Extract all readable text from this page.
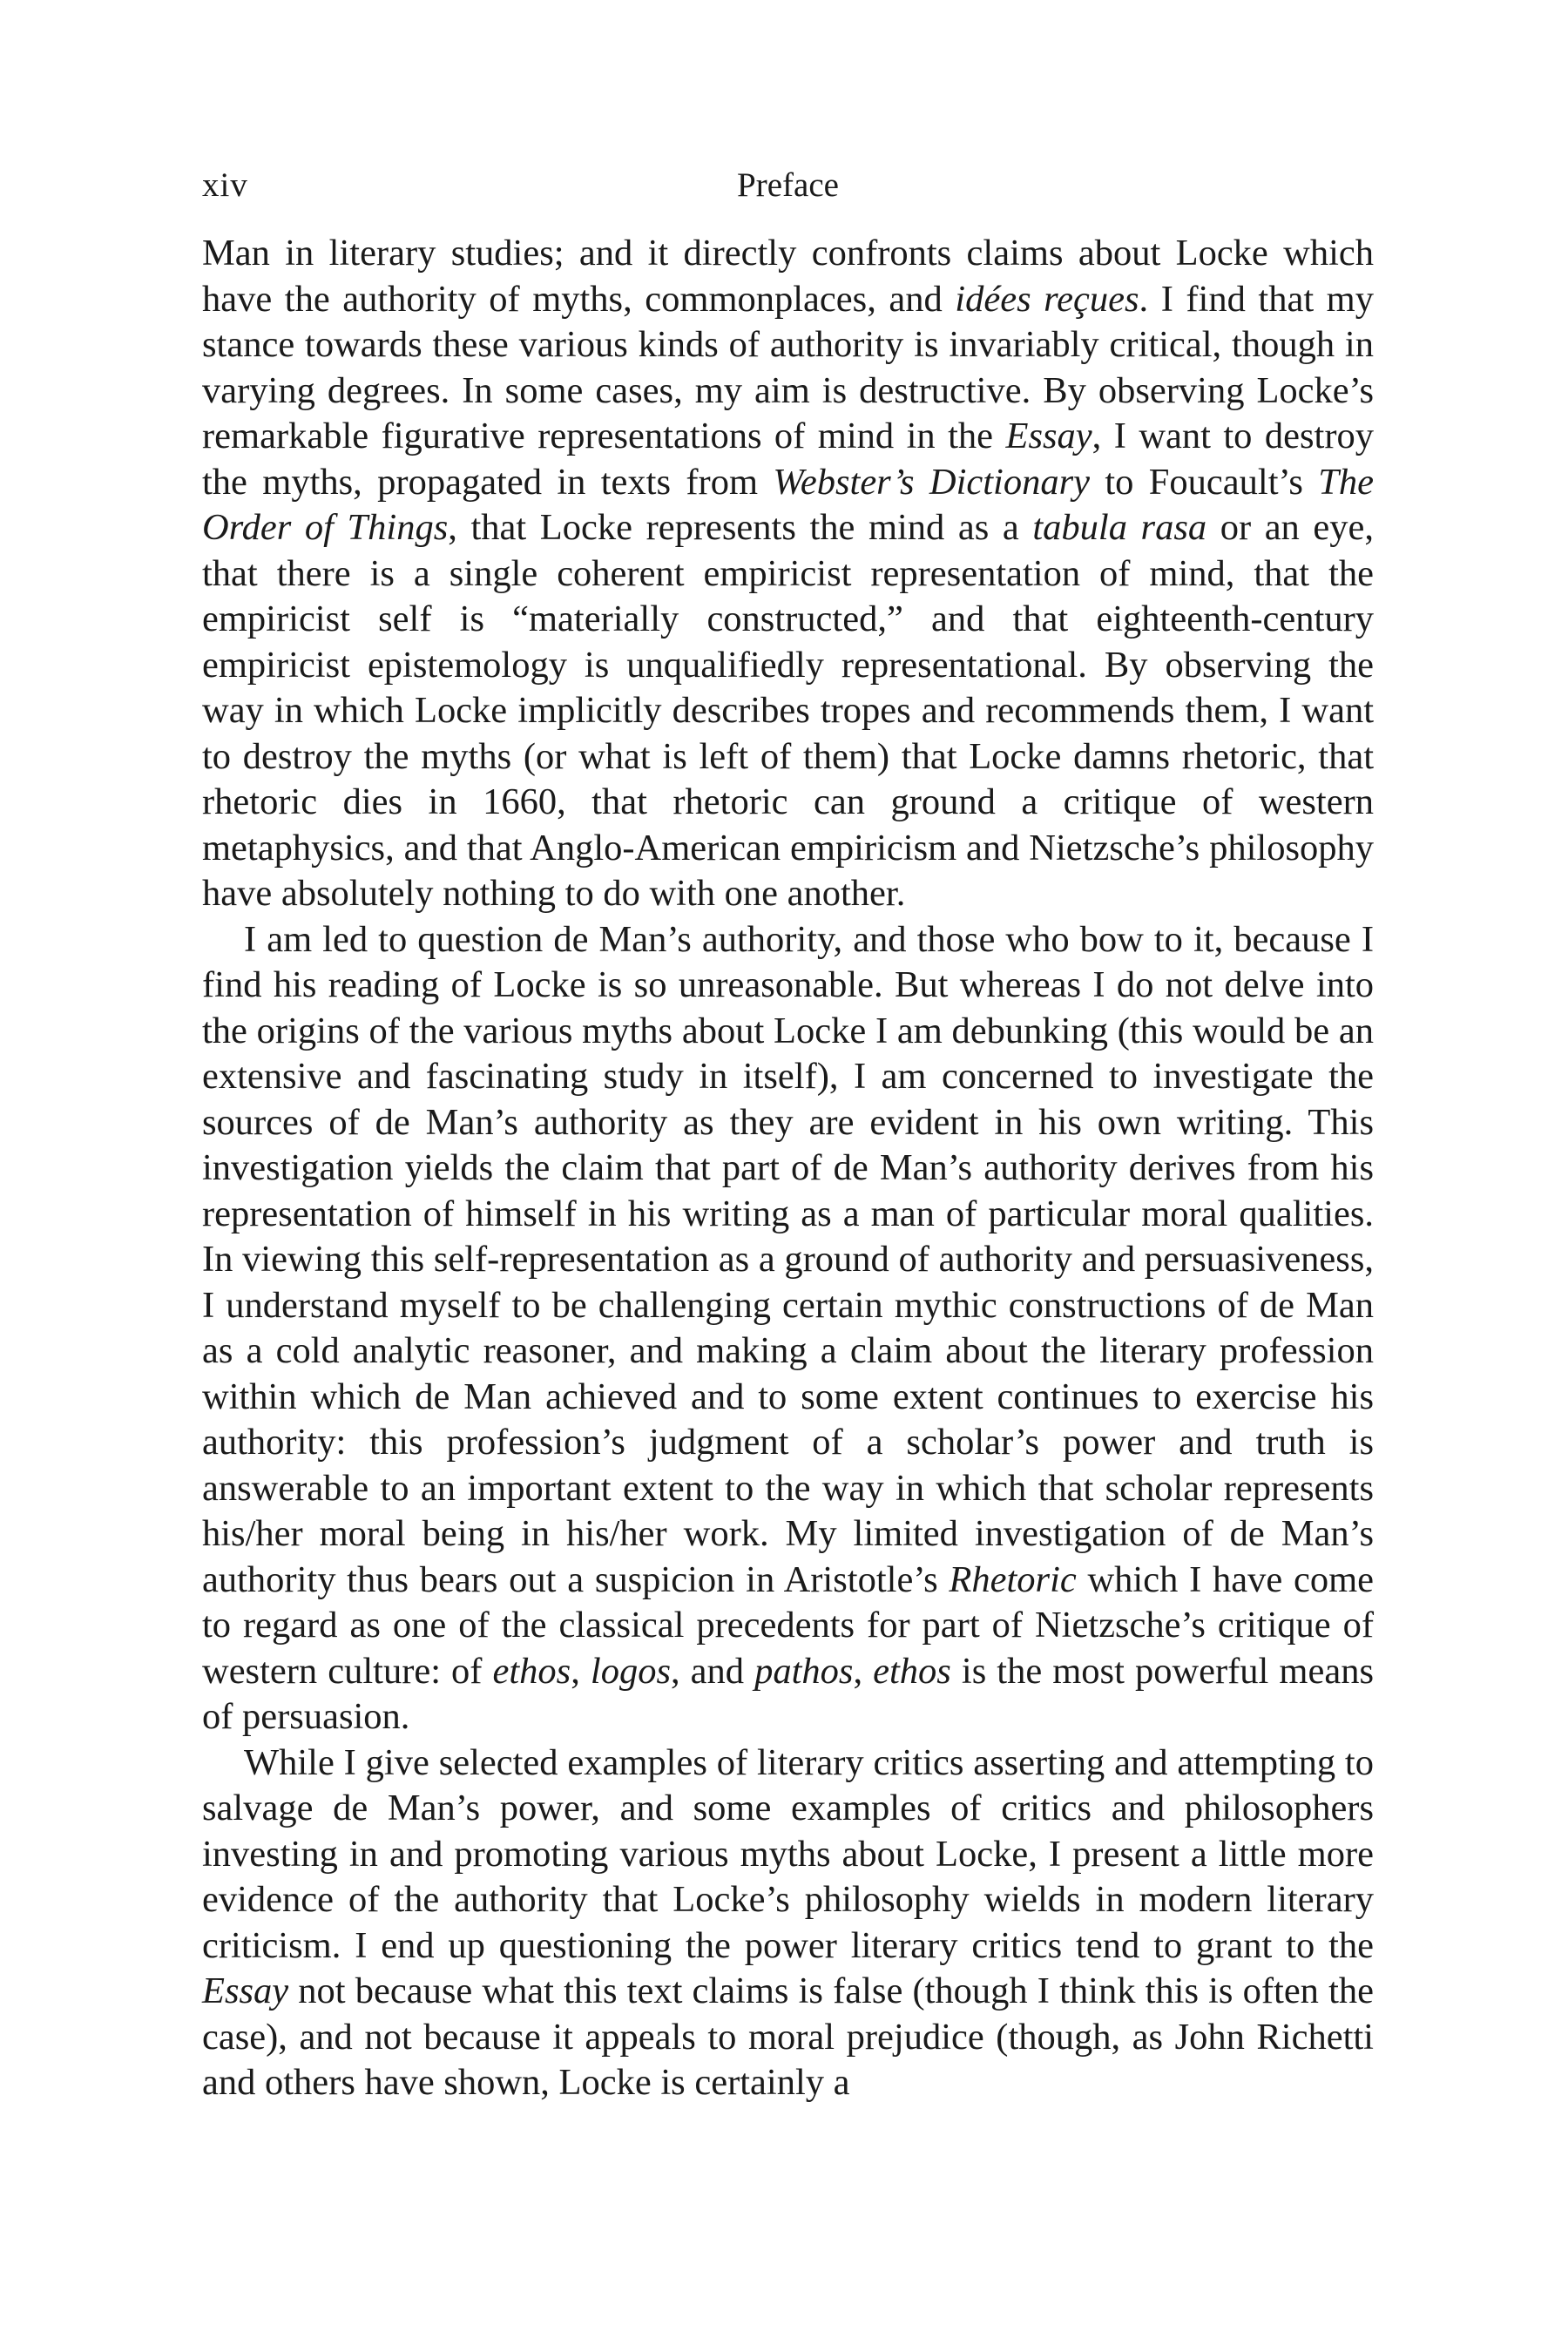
xiv	Preface

Man in literary studies; and it directly confronts claims about Locke which have the authority of myths, commonplaces, and idées reçues. I find that my stance towards these various kinds of authority is invariably critical, though in varying degrees. In some cases, my aim is destructive. By observing Locke’s remarkable figurative representations of mind in the Essay, I want to destroy the myths, propagated in texts from Webster’s Dictionary to Foucault’s The Order of Things, that Locke represents the mind as a tabula rasa or an eye, that there is a single coherent empiricist representation of mind, that the empiricist self is “materially constructed,” and that eighteenth-century empiricist epistemology is unqualifiedly representational. By observing the way in which Locke implicitly describes tropes and recommends them, I want to destroy the myths (or what is left of them) that Locke damns rhetoric, that rhetoric dies in 1660, that rhetoric can ground a critique of western metaphysics, and that Anglo-American empiricism and Nietzsche’s philosophy have absolutely nothing to do with one another.

I am led to question de Man’s authority, and those who bow to it, because I find his reading of Locke is so unreasonable. But whereas I do not delve into the origins of the various myths about Locke I am debunking (this would be an extensive and fascinating study in itself), I am concerned to investigate the sources of de Man’s authority as they are evident in his own writing. This investigation yields the claim that part of de Man’s authority derives from his representation of himself in his writing as a man of particular moral qualities. In viewing this self-representation as a ground of authority and persuasiveness, I understand myself to be challenging certain mythic constructions of de Man as a cold analytic reasoner, and making a claim about the literary profession within which de Man achieved and to some extent continues to exercise his authority: this profession’s judgment of a scholar’s power and truth is answerable to an important extent to the way in which that scholar represents his/her moral being in his/her work. My limited investigation of de Man’s authority thus bears out a suspicion in Aristotle’s Rhetoric which I have come to regard as one of the classical precedents for part of Nietzsche’s critique of western culture: of ethos, logos, and pathos, ethos is the most powerful means of persuasion.

While I give selected examples of literary critics asserting and attempting to salvage de Man’s power, and some examples of critics and philosophers investing in and promoting various myths about Locke, I present a little more evidence of the authority that Locke’s philosophy wields in modern literary criticism. I end up questioning the power literary critics tend to grant to the Essay not because what this text claims is false (though I think this is often the case), and not because it appeals to moral prejudice (though, as John Richetti and others have shown, Locke is certainly a
